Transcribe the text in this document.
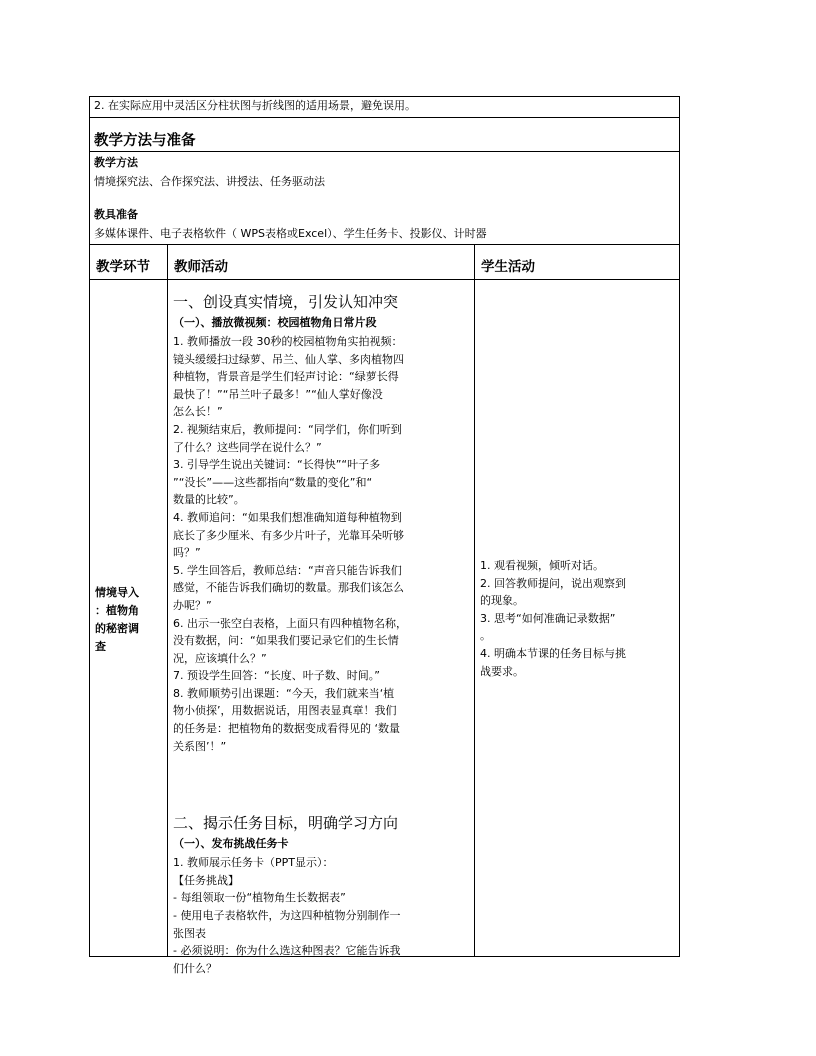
2. 在实际应用中灵活区分柱状图与折线图的适用场景，避免误用。

教学方法与准备

教学方法

情境探究法、合作探究法、讲授法、任务驱动法

教具准备

多媒体课件、电子表格软件（ WPS表格或Excel）、学生任务卡、投影仪、计时器

教学环节 教师活动	学生活动

情境导入

：植物角

的秘密调

查

一、创设真实情境，引发认知冲突

（一）、播放微视频：校园植物角日常片段

1. 教师播放一段 30秒的校园植物角实拍视频：

镜头缓缓扫过绿萝、吊兰、仙人掌、多肉植物四

种植物，背景音是学生们轻声讨论：“绿萝长得

最快了！”“吊兰叶子最多！”“仙人掌好像没

怎么长！”

2. 视频结束后，教师提问：“同学们，你们听到

了什么？这些同学在说什么？”

3. 引导学生说出关键词：“长得快”“叶子多

”“没长”——这些都指向“数量的变化”和“

数量的比较”。

4. 教师追问：“如果我们想准确知道每种植物到

底长了多少厘米、有多少片叶子，光靠耳朵听够

吗？”

5. 学生回答后，教师总结：“声音只能告诉我们

感觉，不能告诉我们确切的数量。那我们该怎么

办呢？”

6. 出示一张空白表格，上面只有四种植物名称，

没有数据，问：“如果我们要记录它们的生长情

况，应该填什么？”

7. 预设学生回答：“长度、叶子数、时间。”

8. 教师顺势引出课题：“今天，我们就来当‘植

物小侦探’，用数据说话，用图表显真章！我们

的任务是：把植物角的数据变成看得见的 ‘数量

关系图’！”

二、揭示任务目标，明确学习方向

（一）、发布挑战任务卡

1. 教师展示任务卡（PPT显示）：

【任务挑战】

- 每组领取一份“植物角生长数据表”

- 使用电子表格软件，为这四种植物分别制作一

张图表

- 必须说明：你为什么选这种图表？它能告诉我

们什么？

1. 观看视频，倾听对话。

2. 回答教师提问，说出观察到

的现象。

3. 思考“如何准确记录数据”

。

4. 明确本节课的任务目标与挑

战要求。
